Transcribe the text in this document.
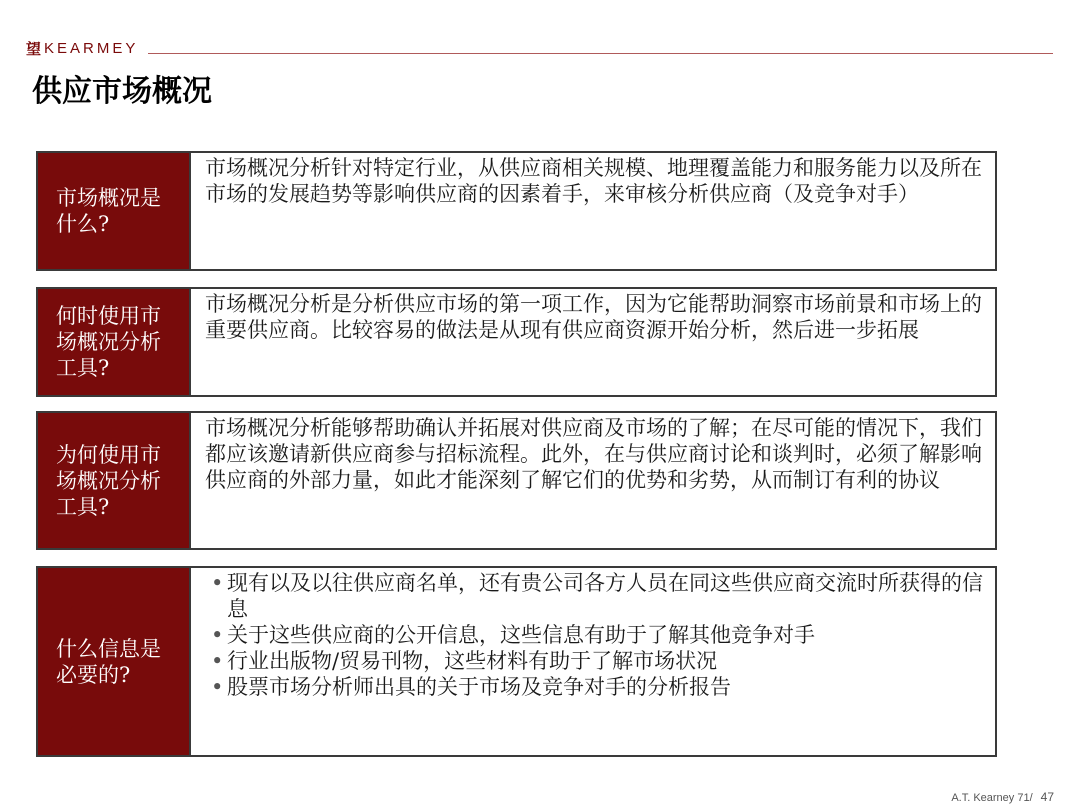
望 KEARMEY
供应市场概况
市场概况是什么?
市场概况分析针对特定行业，从供应商相关规模、地理覆盖能力和服务能力以及所在市场的发展趋势等影响供应商的因素着手，来审核分析供应商（及竞争对手）
何时使用市场概况分析工具?
市场概况分析是分析供应市场的第一项工作，因为它能帮助洞察市场前景和市场上的重要供应商。比较容易的做法是从现有供应商资源开始分析，然后进一步拓展
为何使用市场概况分析工具?
市场概况分析能够帮助确认并拓展对供应商及市场的了解；在尽可能的情况下，我们都应该邀请新供应商参与招标流程。此外，在与供应商讨论和谈判时，必须了解影响供应商的外部力量，如此才能深刻了解它们的优势和劣势，从而制订有利的协议
什么信息是必要的?
• 现有以及以往供应商名单，还有贵公司各方人员在同这些供应商交流时所获得的信息
• 关于这些供应商的公开信息，这些信息有助于了解其他竞争对手
• 行业出版物/贸易刊物，这些材料有助于了解市场状况
• 股票市场分析师出具的关于市场及竞争对手的分析报告
A.T. Kearney 71/ 47
